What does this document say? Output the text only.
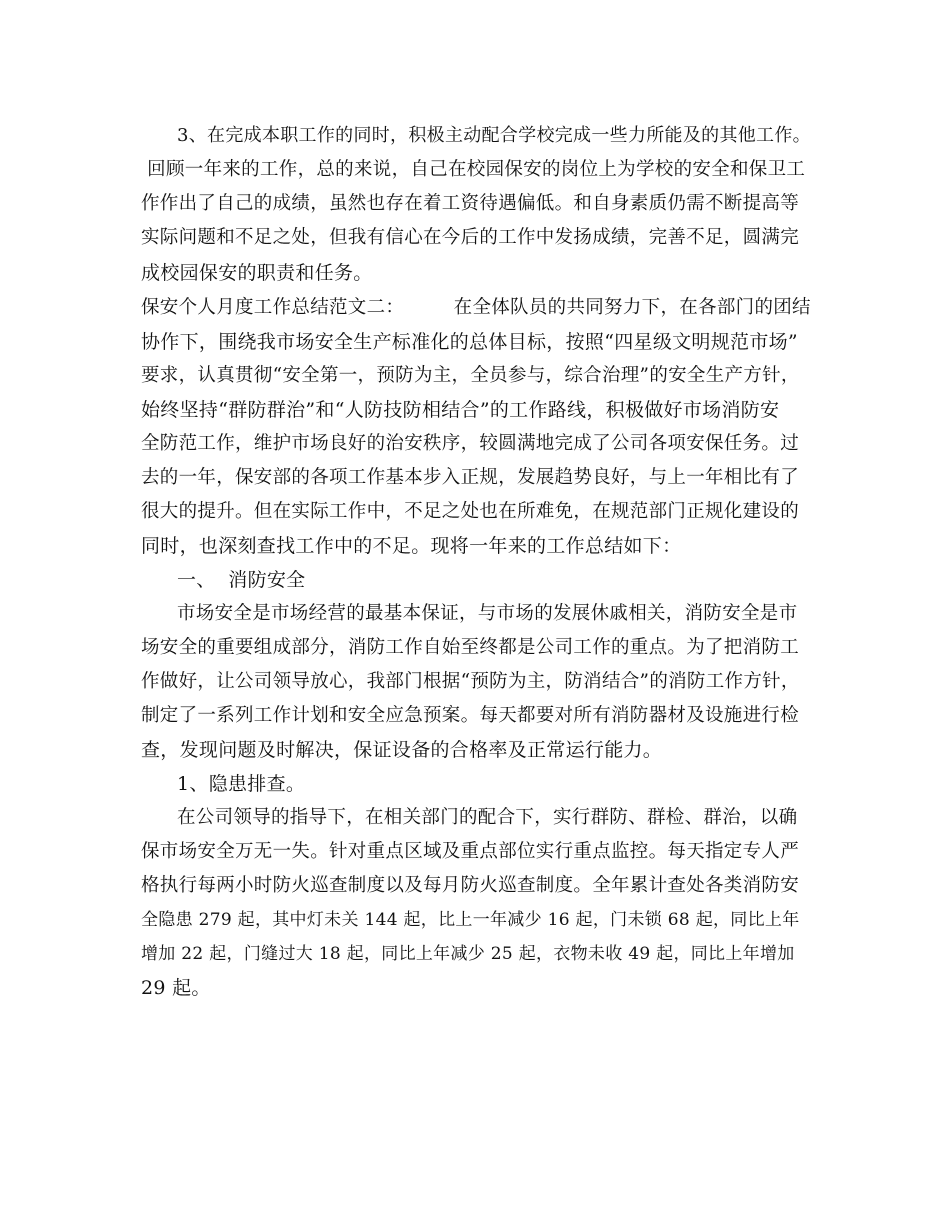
3、在完成本职工作的同时，积极主动配合学校完成一些力所能及的其他工作。
回顾一年来的工作，总的来说，自己在校园保安的岗位上为学校的安全和保卫工
作作出了自己的成绩，虽然也存在着工资待遇偏低。和自身素质仍需不断提高等
实际问题和不足之处，但我有信心在今后的工作中发扬成绩，完善不足，圆满完
成校园保安的职责和任务。
保安个人月度工作总结范文二：        在全体队员的共同努力下，在各部门的团结
协作下，围绕我市场安全生产标准化的总体目标，按照“四星级文明规范市场”
要求，认真贯彻“安全第一，预防为主，全员参与，综合治理”的安全生产方针，
始终坚持“群防群治”和“人防技防相结合”的工作路线，积极做好市场消防安
全防范工作，维护市场良好的治安秩序，较圆满地完成了公司各项安保任务。过
去的一年，保安部的各项工作基本步入正规，发展趋势良好，与上一年相比有了
很大的提升。但在实际工作中，不足之处也在所难免，在规范部门正规化建设的
同时，也深刻查找工作中的不足。现将一年来的工作总结如下：
一、  消防安全
市场安全是市场经营的最基本保证，与市场的发展休戚相关，消防安全是市
场安全的重要组成部分，消防工作自始至终都是公司工作的重点。为了把消防工
作做好，让公司领导放心，我部门根据“预防为主，防消结合”的消防工作方针，
制定了一系列工作计划和安全应急预案。每天都要对所有消防器材及设施进行检
查，发现问题及时解决，保证设备的合格率及正常运行能力。
1、隐患排查。
在公司领导的指导下，在相关部门的配合下，实行群防、群检、群治，以确
保市场安全万无一失。针对重点区域及重点部位实行重点监控。每天指定专人严
格执行每两小时防火巡查制度以及每月防火巡查制度。全年累计查处各类消防安
全隐患 279 起，其中灯未关 144 起，比上一年减少 16 起，门未锁 68 起，同比上年
增加 22 起，门缝过大 18 起，同比上年减少 25 起，衣物未收 49 起，同比上年增加
29 起。
